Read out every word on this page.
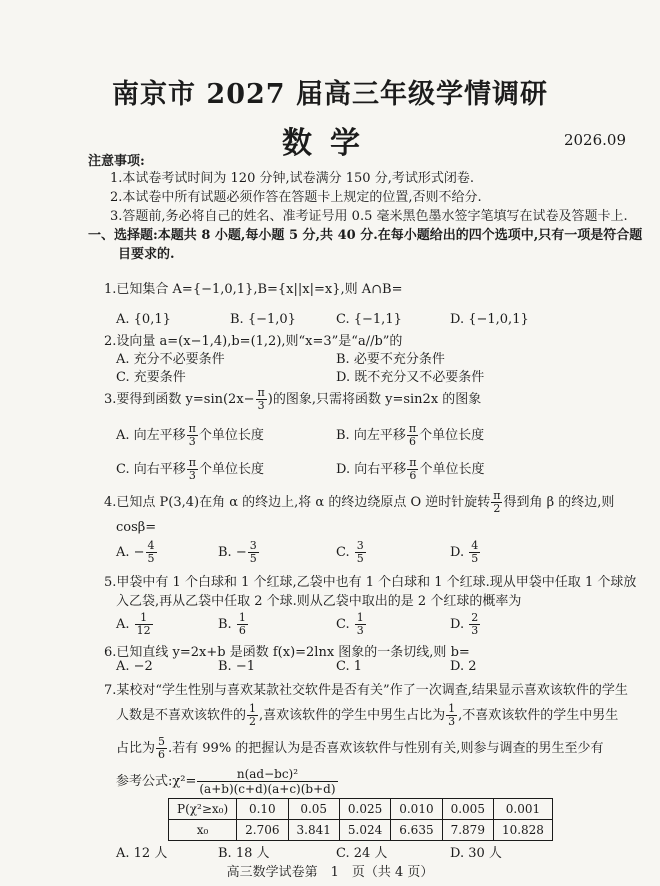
南京市 2027 届高三年级学情调研
数学	2026.09
注意事项:
1.本试卷考试时间为 120 分钟,试卷满分 150 分,考试形式闭卷.
2.本试卷中所有试题必须作答在答题卡上规定的位置,否则不给分.
3.答题前,务必将自己的姓名、准考证号用 0.5 毫米黑色墨水签字笔填写在试卷及答题卡上.
一、选择题:本题共 8 小题,每小题 5 分,共 40 分.在每小题给出的四个选项中,只有一项是符合题
目要求的.
1.已知集合 A={−1,0,1},B={x||x|=x},则 A∩B=
A. {0,1}	B. {−1,0}	C. {−1,1}	D. {−1,0,1}
2.设向量 a=(x−1,4),b=(1,2),则“x=3”是“a//b”的
A. 充分不必要条件	B. 必要不充分条件
C. 充要条件	D. 既不充分又不必要条件
3.要得到函数 $y=\sin(2x- \frac{\pi}{3}$ )的图象,只需将函数 y=sin2x 的图象
A. 向左平移 $\frac{\pi}{3}$ 个单位长度	B. 向左平移 $\frac{\pi}{6}$ 个单位长度
C. 向右平移 $\frac{\pi}{3}$ 个单位长度	D. 向右平移 $\frac{\pi}{6}$ 个单位长度
4.已知点 P(3,4)在角 α 的终边上,将 α 的终边绕原点 O 逆时针旋转 $\frac{\pi}{2}$ 得到角 β 的终边,则
cosβ=
A. − $\frac{4}{5}$	B. − $\frac{3}{5}$	C. $\frac{3}{5}$	D. $\frac{4}{5}$
5.甲袋中有 1 个白球和 1 个红球,乙袋中也有 1 个白球和 1 个红球.现从甲袋中任取 1 个球放
入乙袋,再从乙袋中任取 2 个球.则从乙袋中取出的是 2 个红球的概率为
A. $\frac{1}{12}$	B. $\frac{1}{6}$	C. $\frac{1}{3}$	D. $\frac{2}{3}$
6.已知直线 y=2x+b 是函数 f(x)=2lnx 图象的一条切线,则 b=
A. −2	B. −1	C. 1	D. 2
7.某校对“学生性别与喜欢某款社交软件是否有关”作了一次调查,结果显示喜欢该软件的学生
人数是不喜欢该软件的 $\frac{1}{2}$ ,喜欢该软件的学生中男生占比为 $\frac{1}{3}$ ,不喜欢该软件的学生中男生
占比为 $\frac{5}{6}$ .若有 99% 的把握认为是否喜欢该软件与性别有关,则参与调查的男生至少有
参考公式:χ²= $\frac{\text{n(ad−bc)²}}{(a+b)(c+d)(a+c)(b+d)}$
P(χ²≥x₀)	0.10	0.05	0.025	0.010	0.005	0.001
x₀	2.706	3.841	5.024	6.635	7.879	10.828
A. 12 人	B. 18 人	C. 24 人	D. 30 人
高三数学试卷第　1　页（共 4 页）
